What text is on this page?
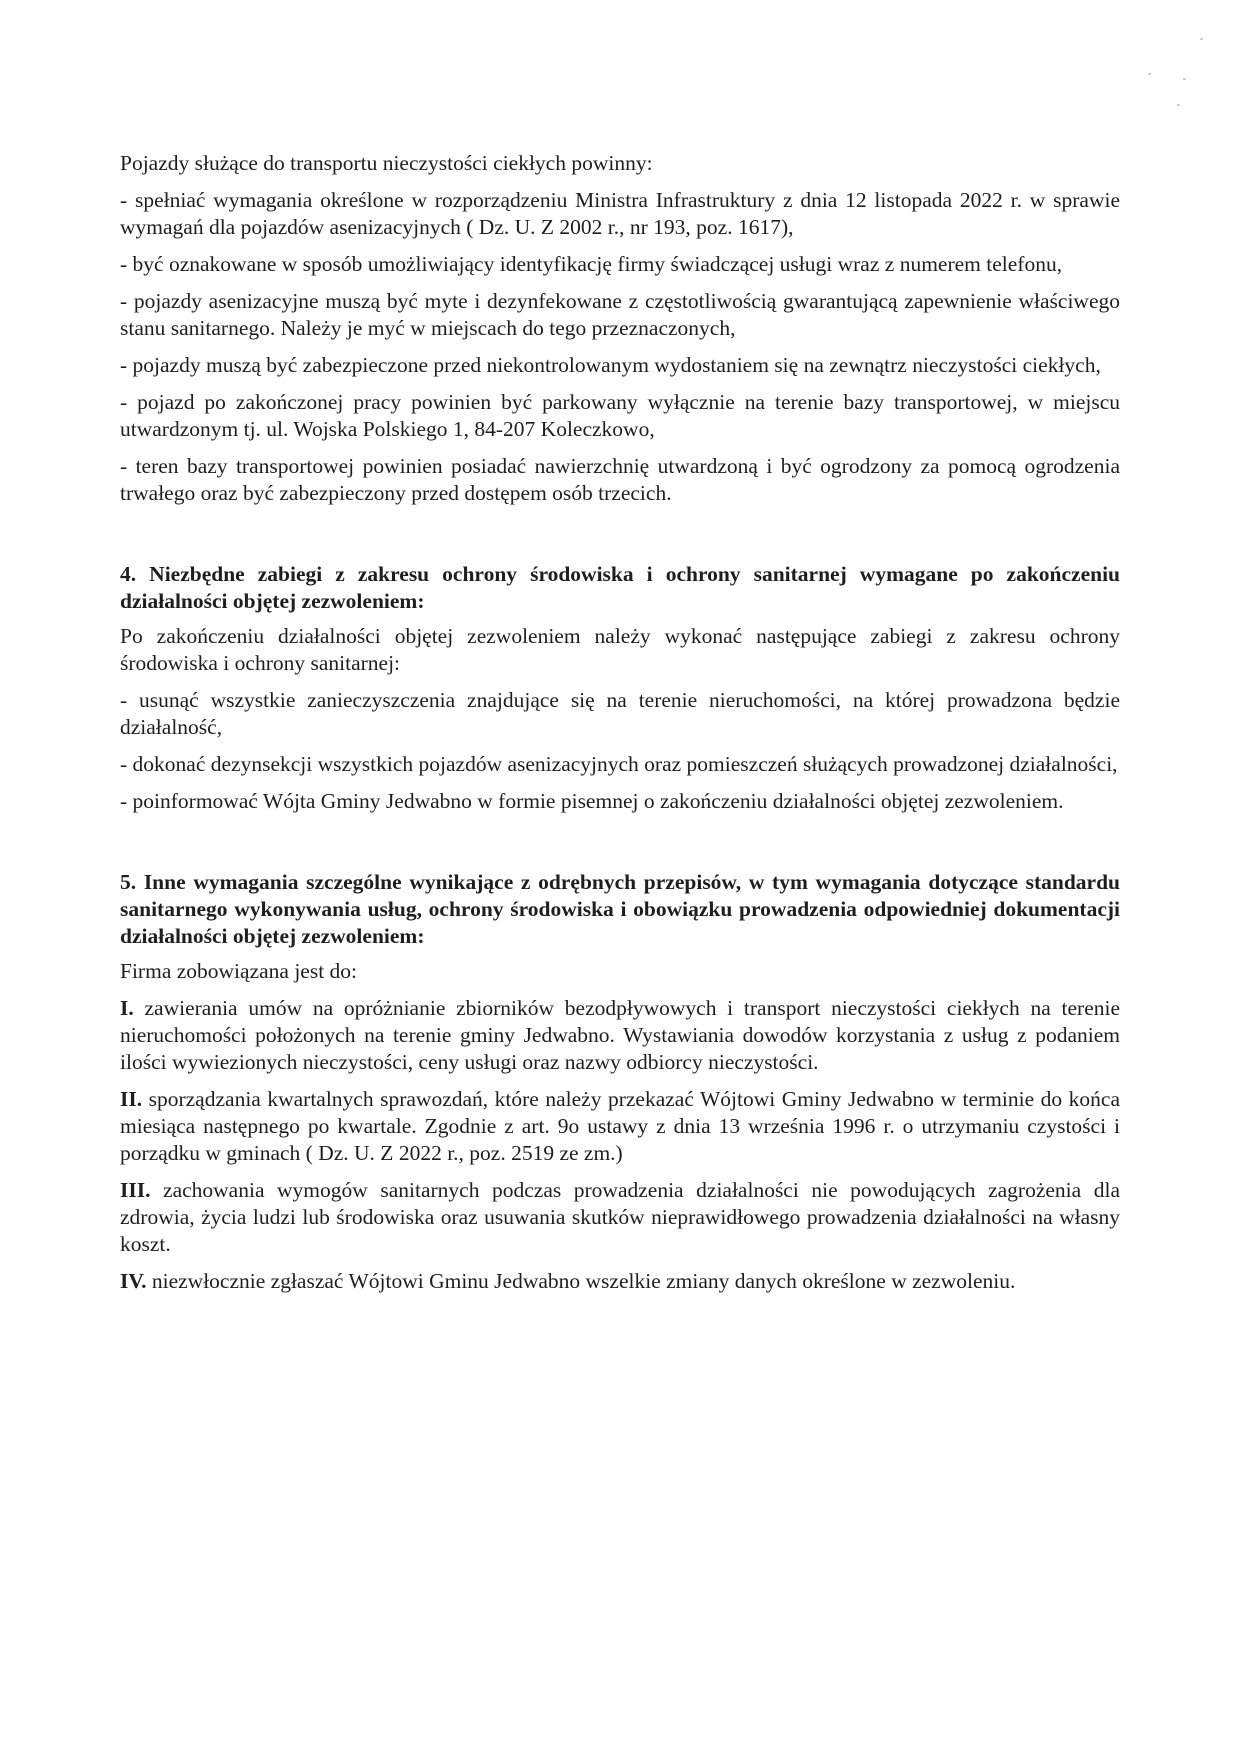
Pojazdy służące do transportu nieczystości ciekłych powinny:

- spełniać wymagania określone w rozporządzeniu Ministra Infrastruktury z dnia 12 listopada 2022 r. w sprawie wymagań dla pojazdów asenizacyjnych ( Dz. U. Z 2002 r., nr 193, poz. 1617),

- być oznakowane w sposób umożliwiający identyfikację firmy świadczącej usługi wraz z numerem telefonu,

- pojazdy asenizacyjne muszą być myte i dezynfekowane z częstotliwością gwarantującą zapewnienie właściwego stanu sanitarnego. Należy je myć w miejscach do tego przeznaczonych,

- pojazdy muszą być zabezpieczone przed niekontrolowanym wydostaniem się na zewnątrz nieczystości ciekłych,

- pojazd po zakończonej pracy powinien być parkowany wyłącznie na terenie bazy transportowej, w miejscu utwardzonym tj. ul. Wojska Polskiego 1, 84-207 Koleczkowo,

- teren bazy transportowej powinien posiadać nawierzchnię utwardzoną i być ogrodzony za pomocą ogrodzenia trwałego oraz być zabezpieczony przed dostępem osób trzecich.

4. Niezbędne zabiegi z zakresu ochrony środowiska i ochrony sanitarnej wymagane po zakończeniu działalności objętej zezwoleniem:

Po zakończeniu działalności objętej zezwoleniem należy wykonać następujące zabiegi z zakresu ochrony środowiska i ochrony sanitarnej:

- usunąć wszystkie zanieczyszczenia znajdujące się na terenie nieruchomości, na której prowadzona będzie działalność,

- dokonać dezynsekcji wszystkich pojazdów asenizacyjnych oraz pomieszczeń służących prowadzonej działalności,

- poinformować Wójta Gminy Jedwabno w formie pisemnej o zakończeniu działalności objętej zezwoleniem.

5. Inne wymagania szczególne wynikające z odrębnych przepisów, w tym wymagania dotyczące standardu sanitarnego wykonywania usług, ochrony środowiska i obowiązku prowadzenia odpowiedniej dokumentacji działalności objętej zezwoleniem:

Firma zobowiązana jest do:

I. zawierania umów na opróżnianie zbiorników bezodpływowych i transport nieczystości ciekłych na terenie nieruchomości położonych na terenie gminy Jedwabno. Wystawiania dowodów korzystania z usług z podaniem ilości wywiezionych nieczystości, ceny usługi oraz nazwy odbiorcy nieczystości.

II. sporządzania kwartalnych sprawozdań, które należy przekazać Wójtowi Gminy Jedwabno w terminie do końca miesiąca następnego po kwartale. Zgodnie z art. 9o ustawy z dnia 13 września 1996 r. o utrzymaniu czystości i porządku w gminach ( Dz. U. Z 2022 r., poz. 2519 ze zm.)

III. zachowania wymogów sanitarnych podczas prowadzenia działalności nie powodujących zagrożenia dla zdrowia, życia ludzi lub środowiska oraz usuwania skutków nieprawidłowego prowadzenia działalności na własny koszt.

IV. niezwłocznie zgłaszać Wójtowi Gminu Jedwabno wszelkie zmiany danych określone w zezwoleniu.
